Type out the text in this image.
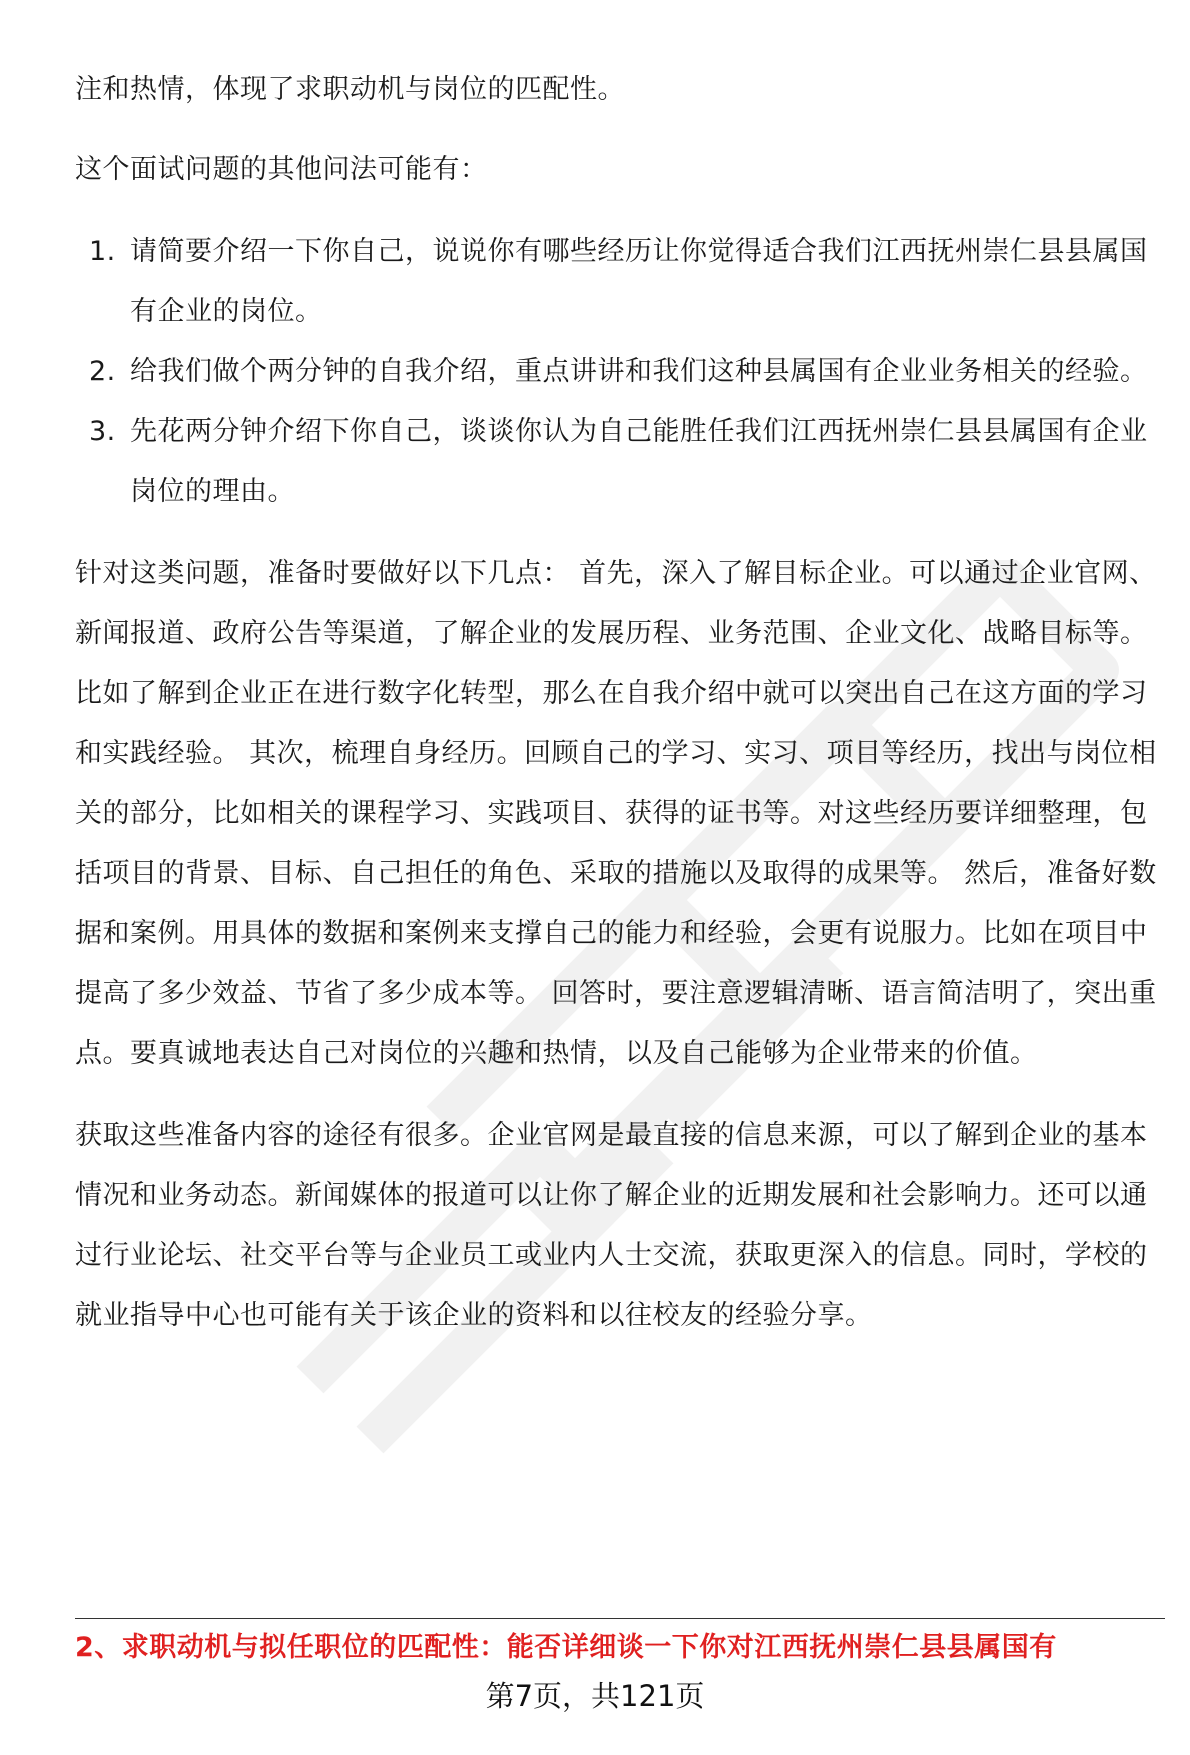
注和热情，体现了求职动机与岗位的匹配性。

这个面试问题的其他问法可能有：

1. 请简要介绍一下你自己，说说你有哪些经历让你觉得适合我们江西抚州崇仁县县属国有企业的岗位。
2. 给我们做个两分钟的自我介绍，重点讲讲和我们这种县属国有企业业务相关的经验。
3. 先花两分钟介绍下你自己，谈谈你认为自己能胜任我们江西抚州崇仁县县属国有企业岗位的理由。

针对这类问题，准备时要做好以下几点： 首先，深入了解目标企业。可以通过企业官网、新闻报道、政府公告等渠道，了解企业的发展历程、业务范围、企业文化、战略目标等。比如了解到企业正在进行数字化转型，那么在自我介绍中就可以突出自己在这方面的学习和实践经验。 其次，梳理自身经历。回顾自己的学习、实习、项目等经历，找出与岗位相关的部分，比如相关的课程学习、实践项目、获得的证书等。对这些经历要详细整理，包括项目的背景、目标、自己担任的角色、采取的措施以及取得的成果等。 然后，准备好数据和案例。用具体的数据和案例来支撑自己的能力和经验，会更有说服力。比如在项目中提高了多少效益、节省了多少成本等。 回答时，要注意逻辑清晰、语言简洁明了，突出重点。要真诚地表达自己对岗位的兴趣和热情，以及自己能够为企业带来的价值。

获取这些准备内容的途径有很多。企业官网是最直接的信息来源，可以了解到企业的基本情况和业务动态。新闻媒体的报道可以让你了解企业的近期发展和社会影响力。还可以通过行业论坛、社交平台等与企业员工或业内人士交流，获取更深入的信息。同时，学校的就业指导中心也可能有关于该企业的资料和以往校友的经验分享。

2、求职动机与拟任职位的匹配性：能否详细谈一下你对江西抚州崇仁县县属国有
第7页，共121页
